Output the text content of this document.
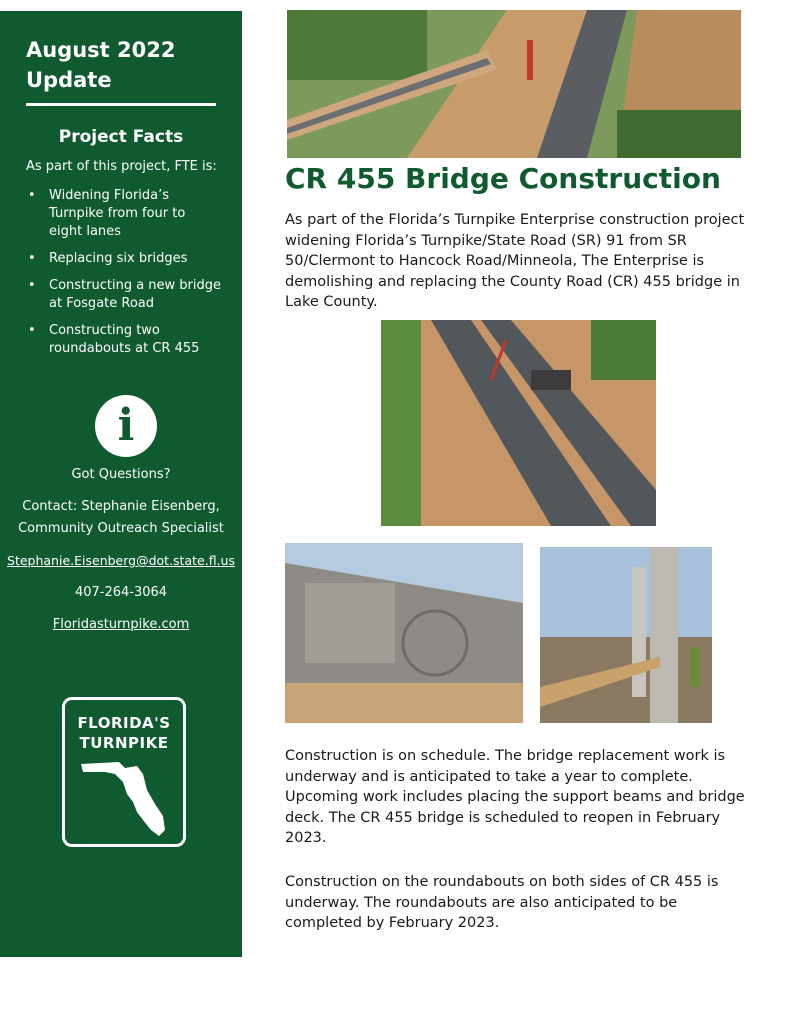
August 2022
Update
Project Facts

As part of this project, FTE is:

• Widening Florida’s Turnpike from four to eight lanes
• Replacing six bridges
• Constructing a new bridge at Fosgate Road
• Constructing two roundabouts at CR 455
i

Got Questions?

Contact: Stephanie Eisenberg,

Community Outreach Specialist

Stephanie.Eisenberg@dot.state.fl.us

407-264-3064

Floridasturnpike.com

FLORIDA'S
TURNPIKE
CR 455 Bridge Construction

As part of the Florida’s Turnpike Enterprise construction project widening Florida’s Turnpike/State Road (SR) 91 from SR 50/Clermont to Hancock Road/Minneola, The Enterprise is demolishing and replacing the County Road (CR) 455 bridge in Lake County.

Construction is on schedule. The bridge replacement work is underway and is anticipated to take a year to complete. Upcoming work includes placing the support beams and bridge deck. The CR 455 bridge is scheduled to reopen in February 2023.

Construction on the roundabouts on both sides of CR 455 is underway. The roundabouts are also anticipated to be completed by February 2023.
